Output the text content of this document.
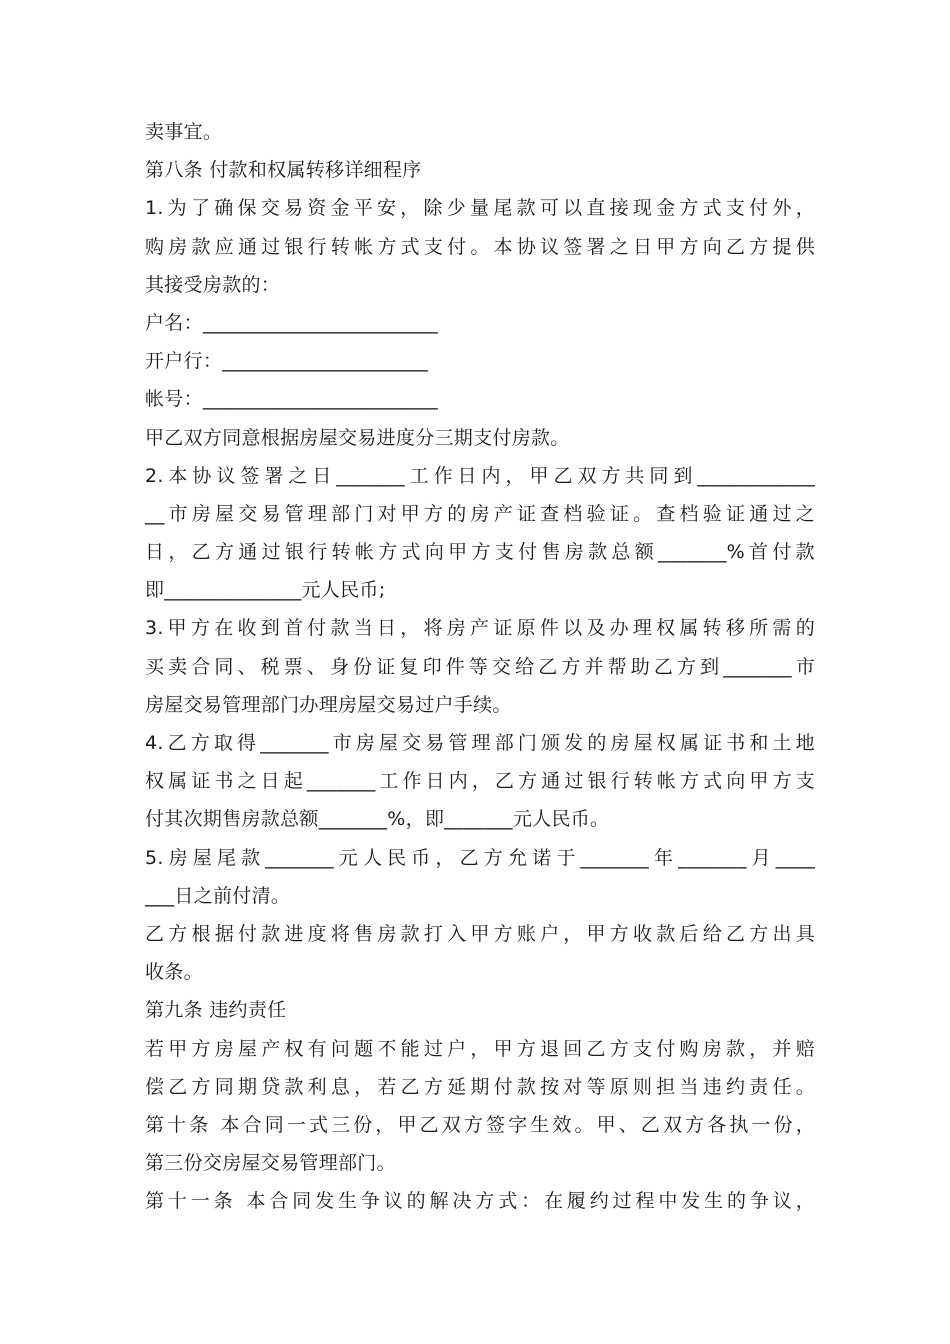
卖事宜。
第八条 付款和权属转移详细程序
1.为了确保交易资金平安，除少量尾款可以直接现金方式支付外，
购房款应通过银行转帐方式支付。本协议签署之日甲方向乙方提供
其接受房款的：
户名：________________________
开户行：_____________________
帐号：________________________
甲乙双方同意根据房屋交易进度分三期支付房款。
2.本协议签署之日_______工作日内，甲乙双方共同到____________
__市房屋交易管理部门对甲方的房产证查档验证。查档验证通过之
日，乙方通过银行转帐方式向甲方支付售房款总额_______%首付款
即______________元人民币;
3.甲方在收到首付款当日，将房产证原件以及办理权属转移所需的
买卖合同、税票、身份证复印件等交给乙方并帮助乙方到_______市
房屋交易管理部门办理房屋交易过户手续。
4.乙方取得_______市房屋交易管理部门颁发的房屋权属证书和土地
权属证书之日起_______工作日内，乙方通过银行转帐方式向甲方支
付其次期售房款总额_______%，即_______元人民币。
5.房屋尾款_______元人民币，乙方允诺于_______年_______月____
___日之前付清。
乙方根据付款进度将售房款打入甲方账户，甲方收款后给乙方出具
收条。
第九条 违约责任
若甲方房屋产权有问题不能过户，甲方退回乙方支付购房款，并赔
偿乙方同期贷款利息，若乙方延期付款按对等原则担当违约责任。
第十条 本合同一式三份，甲乙双方签字生效。甲、乙双方各执一份，
第三份交房屋交易管理部门。
第十一条 本合同发生争议的解决方式：在履约过程中发生的争议，
